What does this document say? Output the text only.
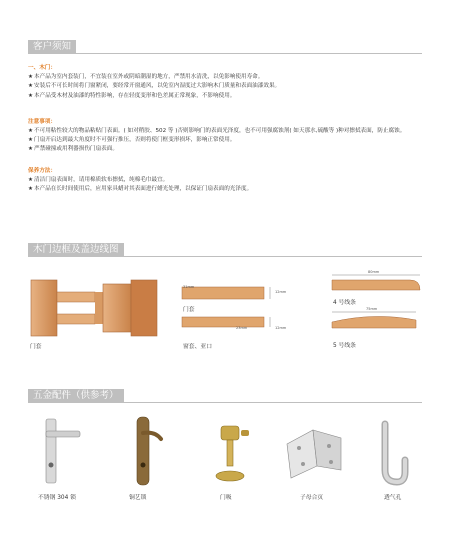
客户须知
一、木门：
★ 本产品为室内套装门，不宜装在室外或阴暗潮湿的地方，严禁用水清洗，以免影响使用寿命。
★ 安装后不可长时间将门窗紧闭，要经常开窗通风，以免室内湿度过大影响木门质量和表面油漆效果。
★ 本产品受木材及油漆的特性影响，存在轻度变形和色差属正常现象，不影响使用。
注意事项：
★ 不可用粘性较大的物品粘贴门表面。( 如对稍胶、502 等 )否则影响门的表面光泽度，也不可用强腐蚀剂( 如天那水,硫酸等 )种对擦拭表面，防止腐蚀。
★ 门扇开启达到最大角度时不可强行推压，否则将使门框变形损坏，影响正常使用。
★ 严禁碰撞或用利器损伤门扇表面。
保养方法：
★ 清洁门扇表面时，请用棉质软布擦拭，纯棉毛巾最宜。
★ 本产品在长时间使用后，应用家具蜡对其表面进行蜡光处理，以保证门扇表面的光泽度。
木门边框及盖边线图
门套
31mm
12mm
23mm	12mm
门套
窗套、亚口
80mm
75mm
4 号线条
5 号线条
五金配件（供参考）
不锈钢 304 锁	铜艺锁	门吸	子母合页	透气孔
